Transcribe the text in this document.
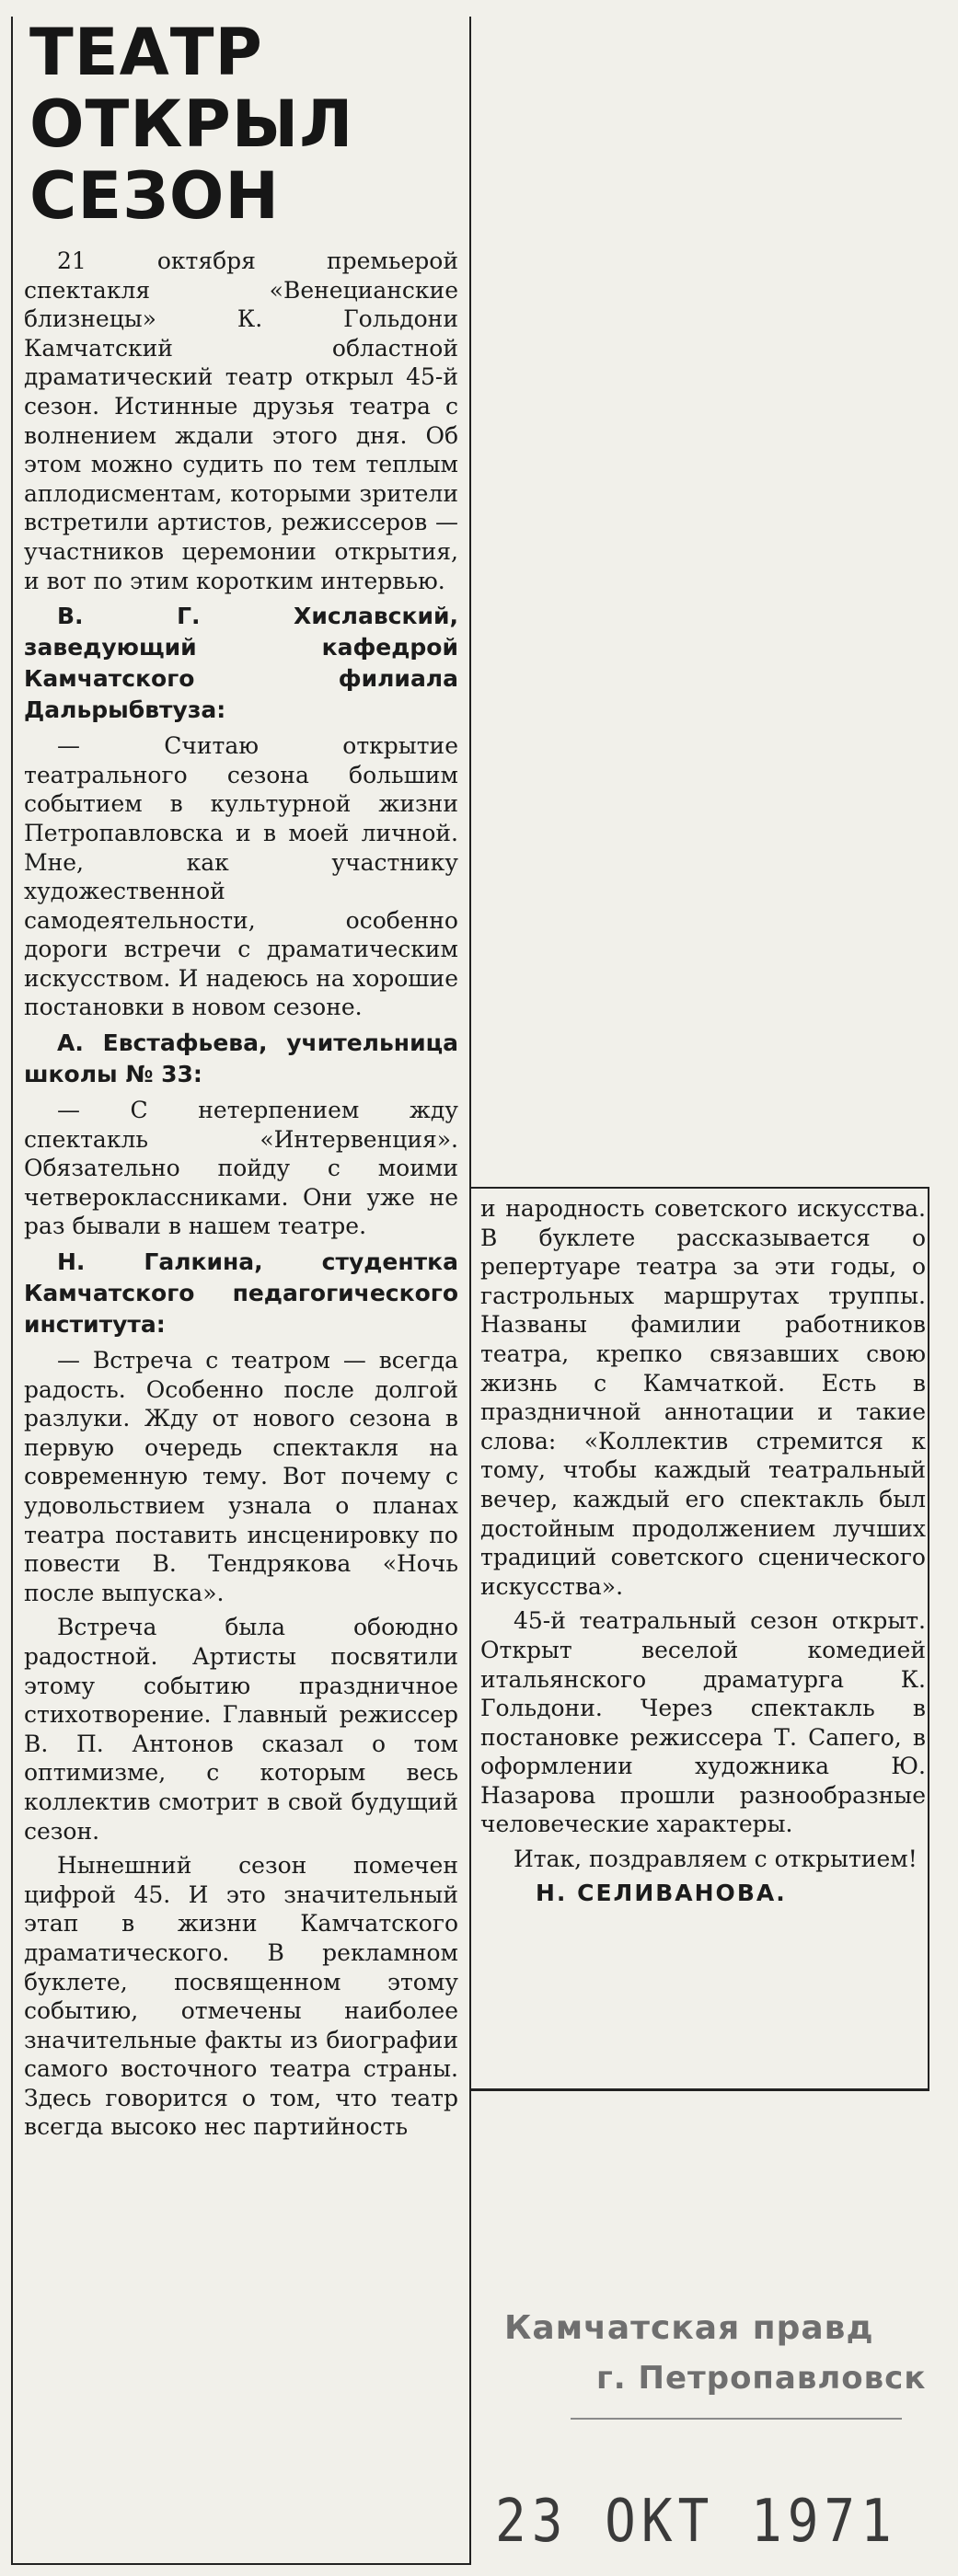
ТЕАТР
ОТКРЫЛ
СЕЗОН

21 октября премьерой спектакля «Венецианские близнецы» К. Гольдони Камчатский областной драматический театр открыл 45-й сезон. Истинные друзья театра с волнением ждали этого дня. Об этом можно судить по тем теплым аплодисментам, которыми зрители встретили артистов, режиссеров — участников церемонии открытия, и вот по этим коротким интервью.

В. Г. Хиславский, заведующий кафедрой Камчатского филиала Дальрыбвтуза:

— Считаю открытие театрального сезона большим событием в культурной жизни Петропавловска и в моей личной. Мне, как участнику художественной самодеятельности, особенно дороги встречи с драматическим искусством. И надеюсь на хорошие постановки в новом сезоне.

А. Евстафьева, учительница школы № 33:

— С нетерпением жду спектакль «Интервенция». Обязательно пойду с моими четвероклассниками. Они уже не раз бывали в нашем театре.

Н. Галкина, студентка Камчатского педагогического института:

— Встреча с театром — всегда радость. Особенно после долгой разлуки. Жду от нового сезона в первую очередь спектакля на современную тему. Вот почему с удовольствием узнала о планах театра поставить инсценировку по повести В. Тендрякова «Ночь после выпуска».

Встреча была обоюдно радостной. Артисты посвятили этому событию праздничное стихотворение. Главный режиссер В. П. Антонов сказал о том оптимизме, с которым весь коллектив смотрит в свой будущий сезон.

Нынешний сезон помечен цифрой 45. И это значительный этап в жизни Камчатского драматического. В рекламном буклете, посвященном этому событию, отмечены наиболее значительные факты из биографии самого восточного театра страны. Здесь говорится о том, что театр всегда высоко нес партийность

и народность советского искусства. В буклете рассказывается о репертуаре театра за эти годы, о гастрольных маршрутах труппы. Названы фамилии работников театра, крепко связавших свою жизнь с Камчаткой. Есть в праздничной аннотации и такие слова: «Коллектив стремится к тому, чтобы каждый театральный вечер, каждый его спектакль был достойным продолжением лучших традиций советского сценического искусства».

45-й театральный сезон открыт. Открыт веселой комедией итальянского драматурга К. Гольдони. Через спектакль в постановке режиссера Т. Сапего, в оформлении художника Ю. Назарова прошли разнообразные человеческие характеры.

Итак, поздравляем с открытием!

Н. СЕЛИВАНОВА.
Камчатская правд
г. Петропавловск
23 ОКТ 1971
